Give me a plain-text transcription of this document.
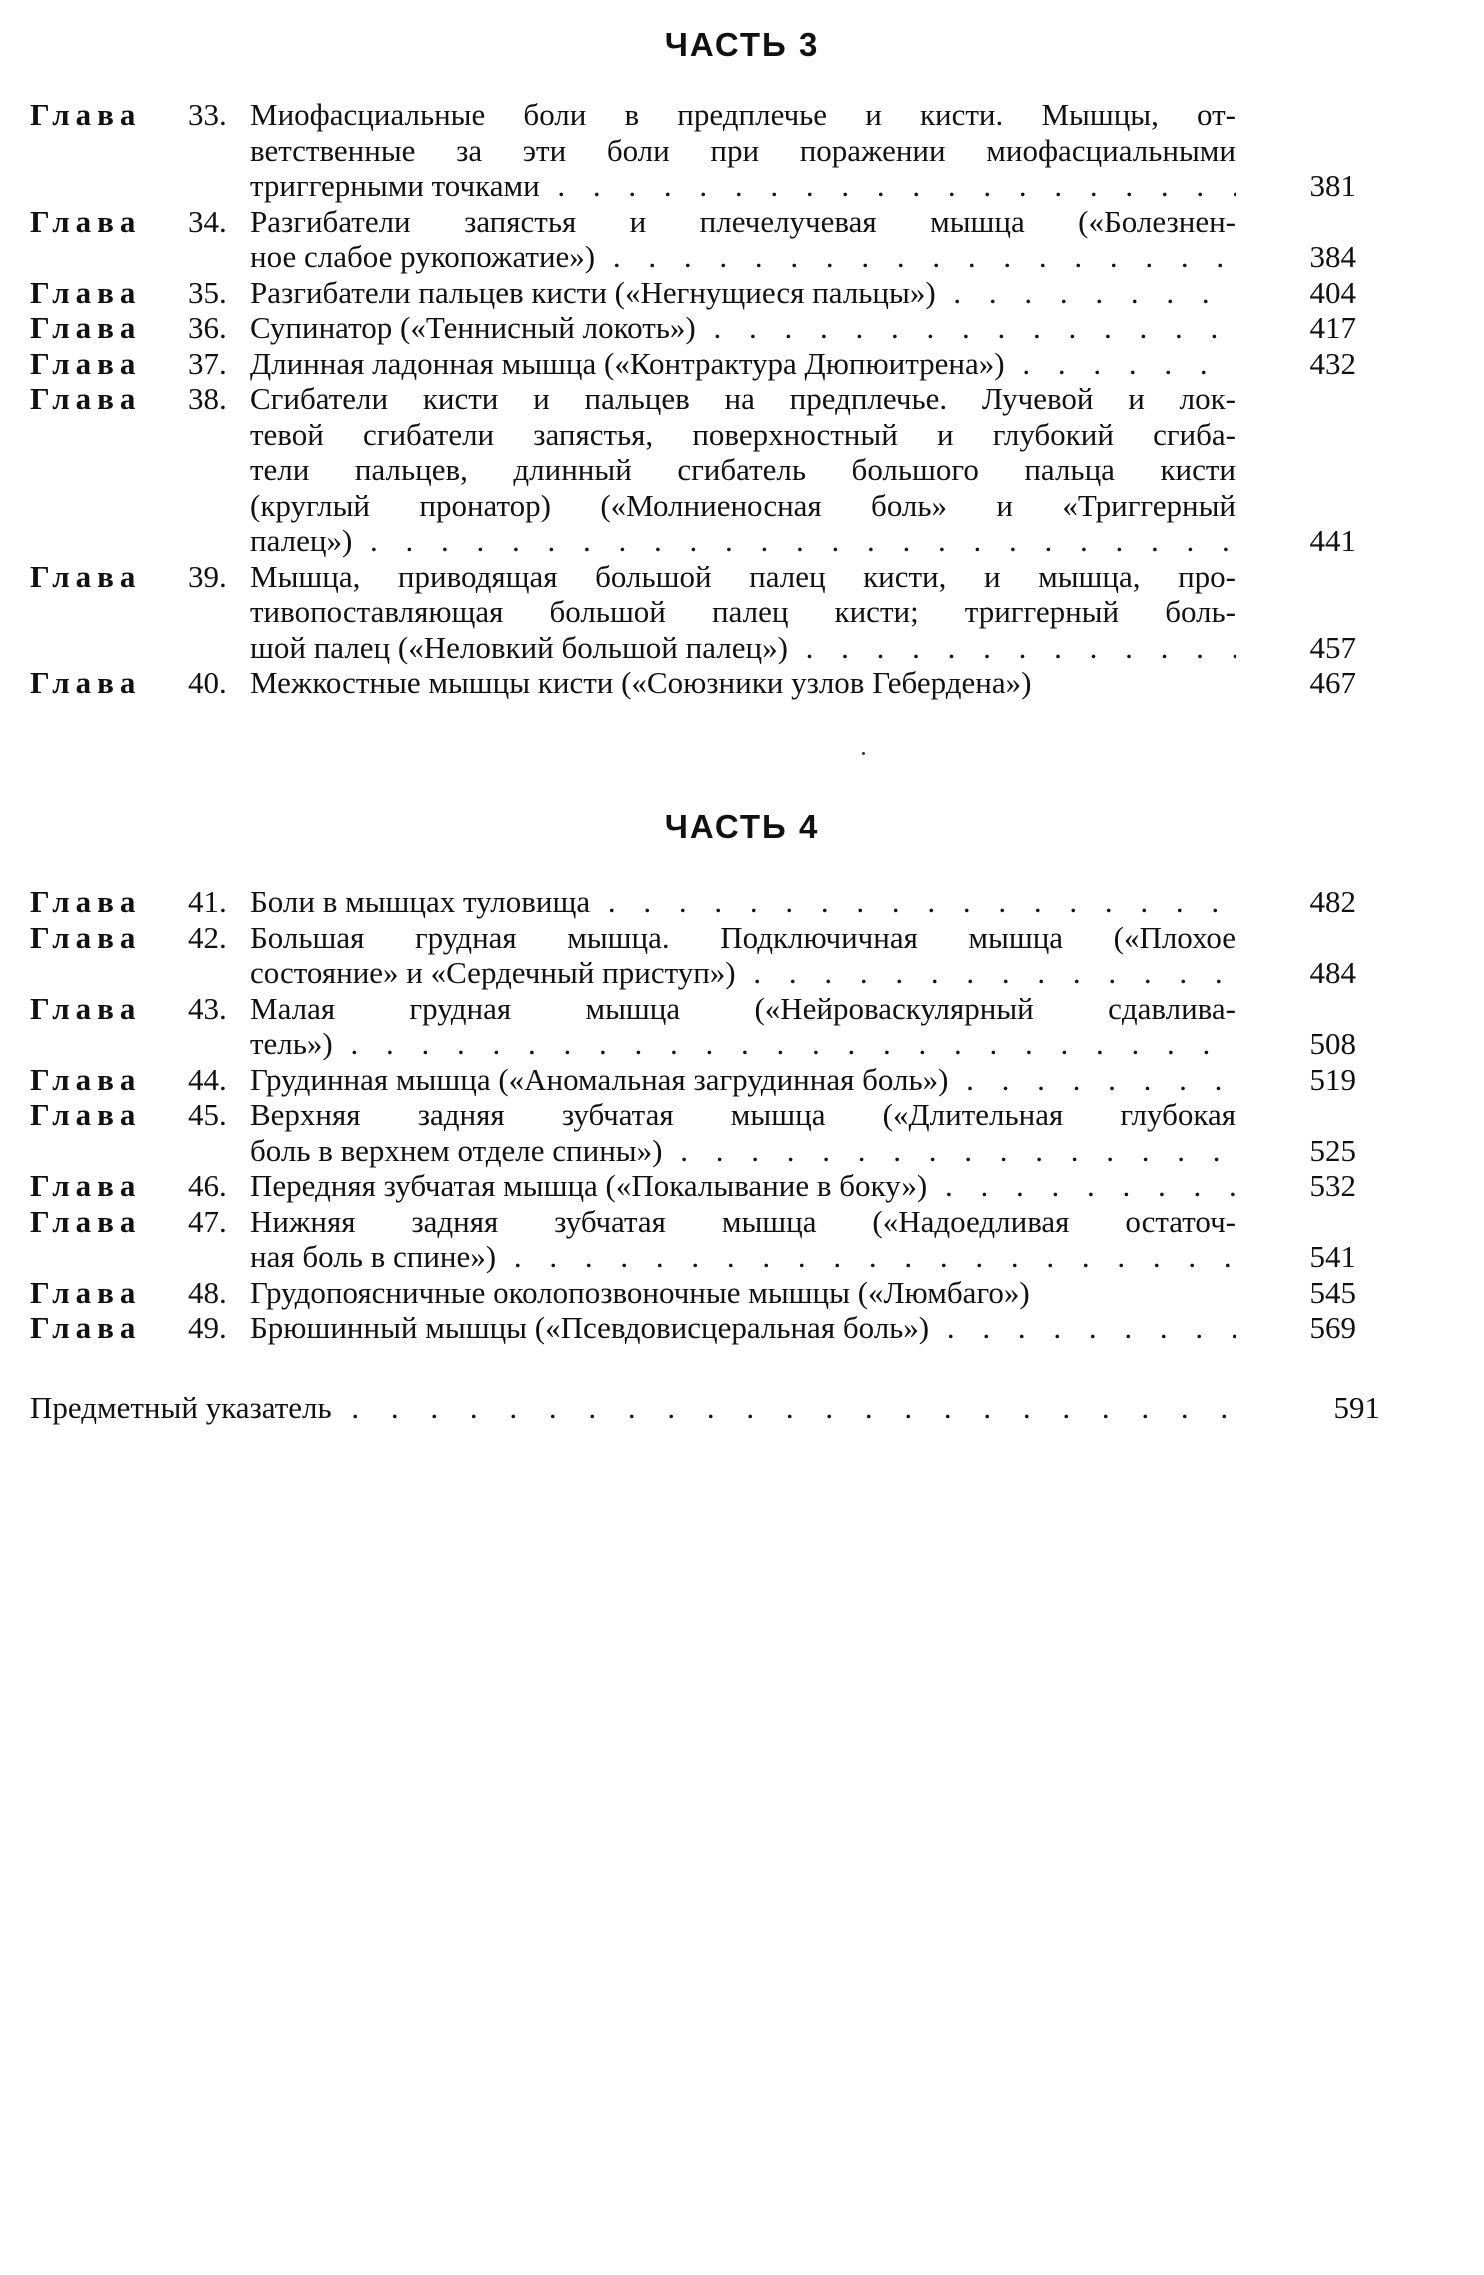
ЧАСТЬ 3
Глава	33. Миофасциальные боли в предплечье и кисти. Мышцы, от-
ветственные за эти боли при поражении миофасциальными
триггерными точками . . .	381
Глава	34. Разгибатели запястья и плечелучевая мышца («Болезнен-
ное слабое рукопожатие») . . .	384
Глава	35. Разгибатели пальцев кисти («Негнущиеся пальцы») . . .	404
Глава	36. Супинатор («Теннисный локоть») . . .	417
Глава	37. Длинная ладонная мышца («Контрактура Дюпюитрена») . . .	432
Глава	38. Сгибатели кисти и пальцев на предплечье. Лучевой и лок-
тевой сгибатели запястья, поверхностный и глубокий сгиба-
тели пальцев, длинный сгибатель большого пальца кисти
(круглый пронатор) («Молниеносная боль» и «Триггерный
палец») . . .	441
Глава	39. Мышца, приводящая большой палец кисти, и мышца, про-
тивопоставляющая большой палец кисти; триггерный боль-
шой палец («Неловкий большой палец») . . .	457
Глава	40. Межкостные мышцы кисти («Союзники узлов Гебердена»)	467
ЧАСТЬ 4
Глава	41. Боли в мышцах туловища . . .	482
Глава	42. Большая грудная мышца. Подключичная мышца («Плохое
состояние» и «Сердечный приступ») . . .	484
Глава	43. Малая грудная мышца («Нейроваскулярный сдавлива-
тель») . . .	508
Глава	44. Грудинная мышца («Аномальная загрудинная боль») . . .	519
Глава	45. Верхняя задняя зубчатая мышца («Длительная глубокая
боль в верхнем отделе спины») . . .	525
Глава	46. Передняя зубчатая мышца («Покалывание в боку») . . .	532
Глава	47. Нижняя задняя зубчатая мышца («Надоедливая остаточ-
ная боль в спине») . . .	541
Глава	48. Грудопоясничные околопозвоночные мышцы («Люмбаго»)	545
Глава	49. Брюшинный мышцы («Псевдовисцеральная боль») . . .	569
Предметный указатель . . .	591
